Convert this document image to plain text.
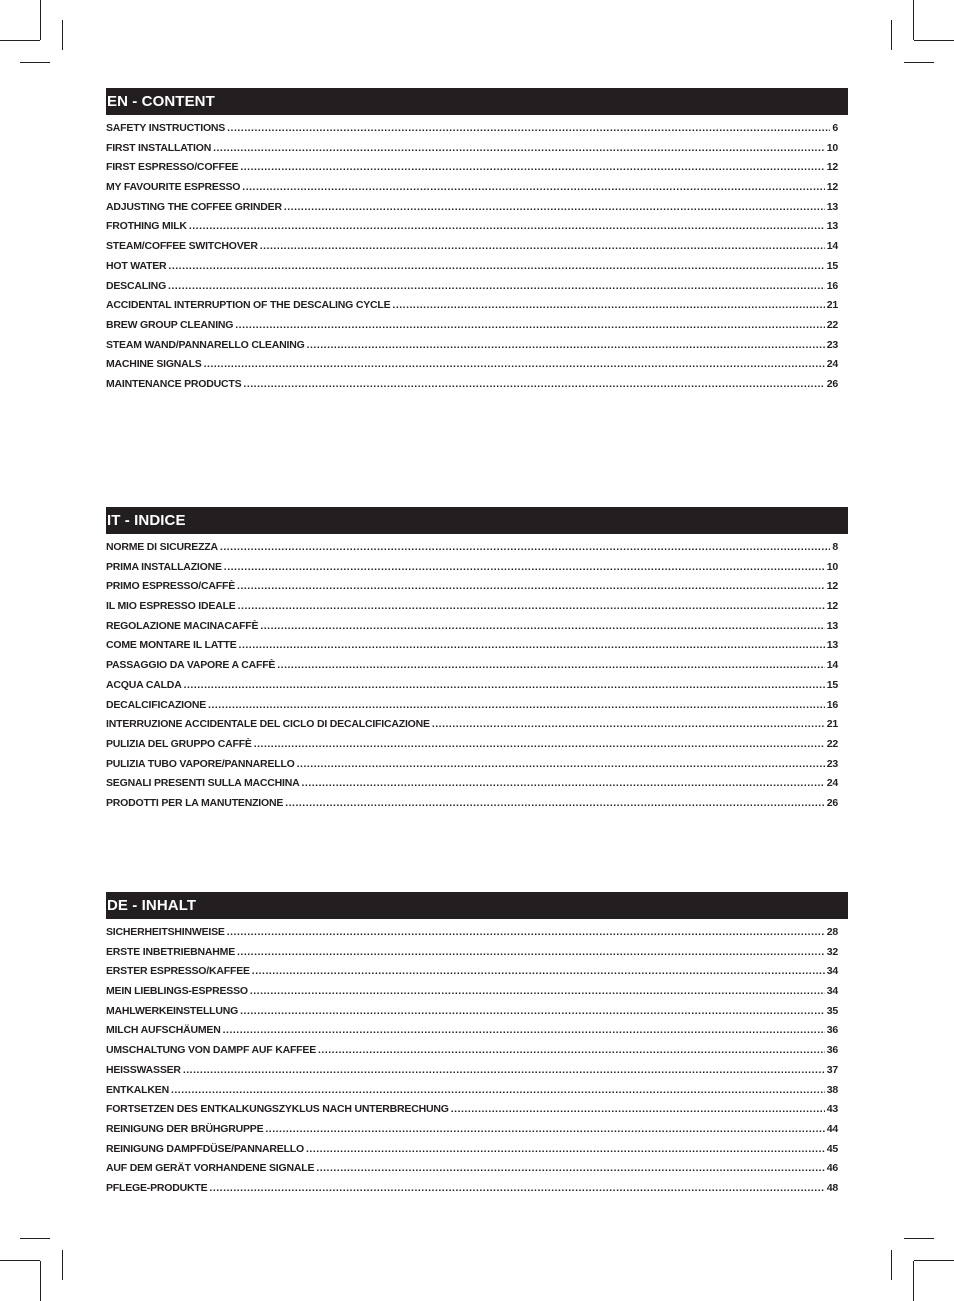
EN - CONTENT
SAFETY INSTRUCTIONS .....	6
FIRST INSTALLATION .....	10
FIRST ESPRESSO/COFFEE .....	12
MY FAVOURITE ESPRESSO .....	12
ADJUSTING THE COFFEE GRINDER .....	13
FROTHING MILK .....	13
STEAM/COFFEE SWITCHOVER .....	14
HOT WATER .....	15
DESCALING .....	16
ACCIDENTAL INTERRUPTION OF THE DESCALING CYCLE .....	21
BREW GROUP CLEANING .....	22
STEAM WAND/PANNARELLO CLEANING .....	23
MACHINE SIGNALS .....	24
MAINTENANCE PRODUCTS .....	26
IT - INDICE
NORME DI SICUREZZA .....	8
PRIMA INSTALLAZIONE .....	10
PRIMO ESPRESSO/CAFFÈ .....	12
IL MIO ESPRESSO IDEALE .....	12
REGOLAZIONE MACINACAFFÈ .....	13
COME MONTARE IL LATTE .....	13
PASSAGGIO DA VAPORE A CAFFÈ .....	14
ACQUA CALDA .....	15
DECALCIFICAZIONE .....	16
INTERRUZIONE ACCIDENTALE DEL CICLO DI DECALCIFICAZIONE .....	21
PULIZIA DEL GRUPPO CAFFÈ .....	22
PULIZIA TUBO VAPORE/PANNARELLO .....	23
SEGNALI PRESENTI SULLA MACCHINA .....	24
PRODOTTI PER LA MANUTENZIONE .....	26
DE - INHALT
SICHERHEITSHINWEISE .....	28
ERSTE INBETRIEBNAHME .....	32
ERSTER ESPRESSO/KAFFEE .....	34
MEIN LIEBLINGS-ESPRESSO .....	34
MAHLWERKEINSTELLUNG .....	35
MILCH AUFSCHÄUMEN .....	36
UMSCHALTUNG VON DAMPF AUF KAFFEE .....	36
HEISSWASSER .....	37
ENTKALKEN .....	38
FORTSETZEN DES ENTKALKUNGSZYKLUS NACH UNTERBRECHUNG .....	43
REINIGUNG DER BRÜHGRUPPE .....	44
REINIGUNG DAMPFDÜSE/PANNARELLO .....	45
AUF DEM GERÄT VORHANDENE SIGNALE .....	46
PFLEGE-PRODUKTE .....	48
